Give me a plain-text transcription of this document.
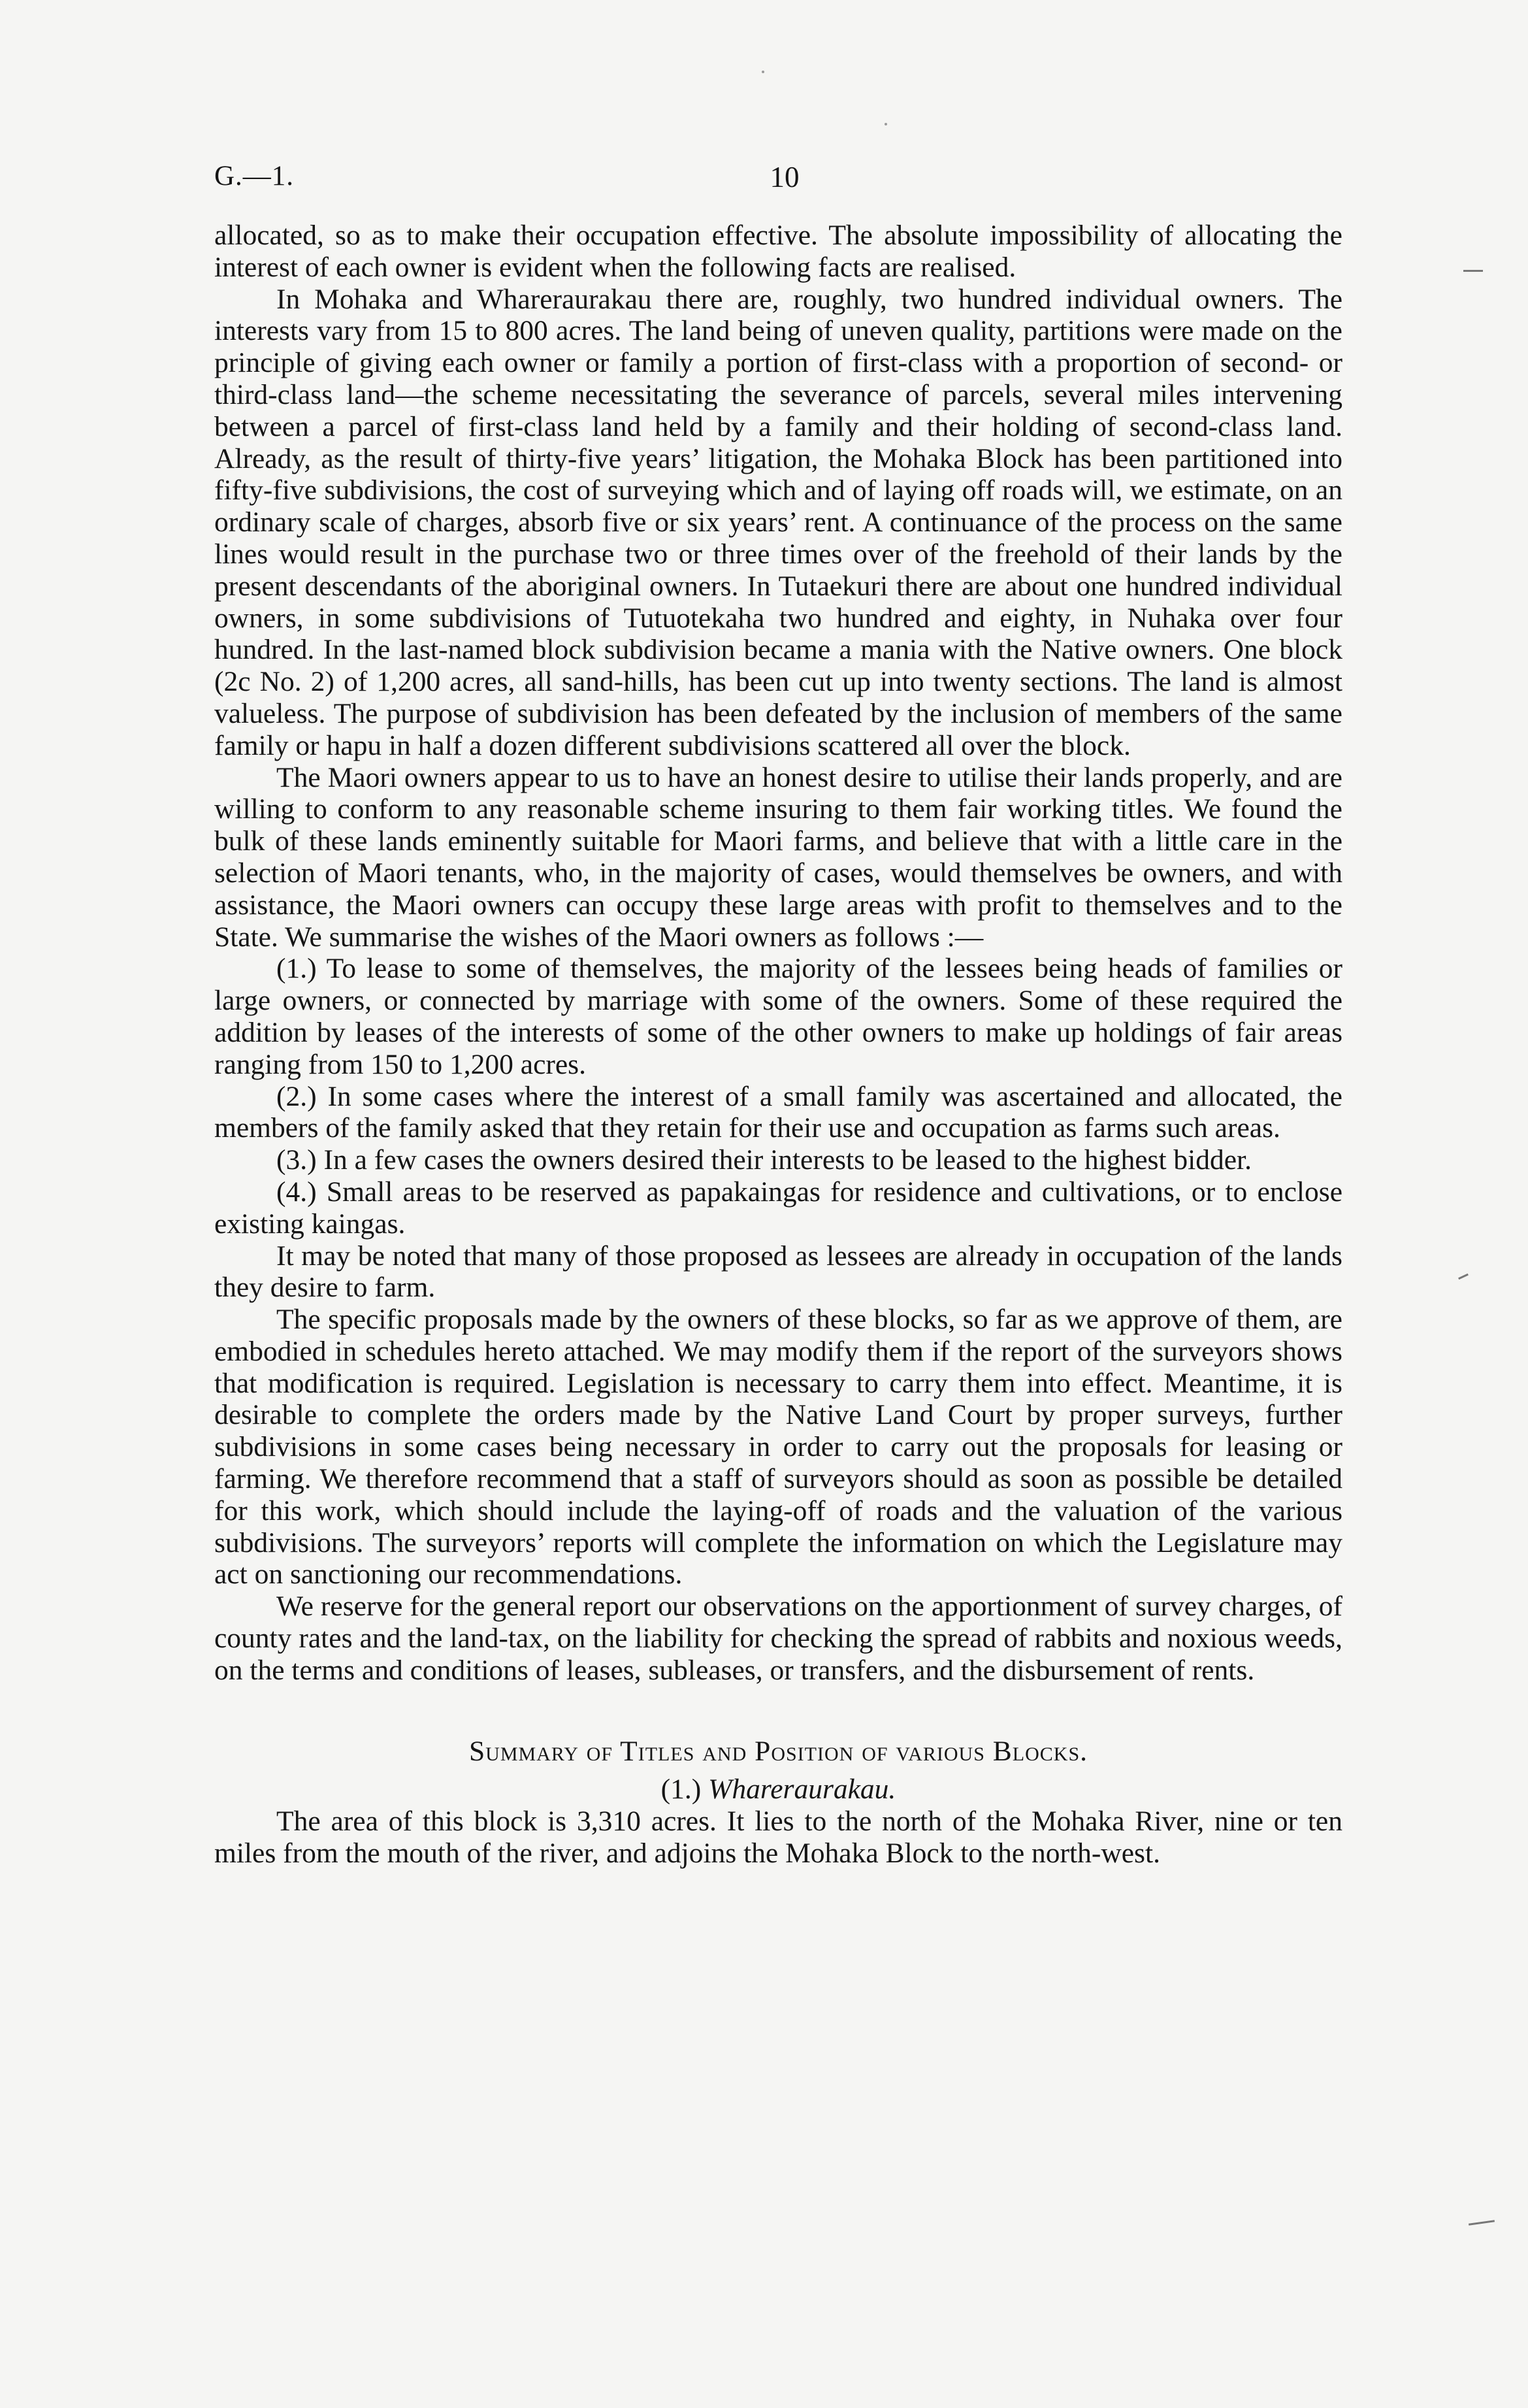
G.—1.	10

allocated, so as to make their occupation effective. The absolute impossibility of allocating the interest of each owner is evident when the following facts are realised.

In Mohaka and Whareraurakau there are, roughly, two hundred individual owners. The interests vary from 15 to 800 acres. The land being of uneven quality, partitions were made on the principle of giving each owner or family a portion of first-class with a proportion of second- or third-class land—the scheme necessitating the severance of parcels, several miles intervening between a parcel of first-class land held by a family and their holding of second-class land. Already, as the result of thirty-five years’ litigation, the Mohaka Block has been partitioned into fifty-five subdivisions, the cost of surveying which and of laying off roads will, we estimate, on an ordinary scale of charges, absorb five or six years’ rent. A continuance of the process on the same lines would result in the purchase two or three times over of the freehold of their lands by the present descendants of the aboriginal owners. In Tutaekuri there are about one hundred individual owners, in some subdivisions of Tutuotekaha two hundred and eighty, in Nuhaka over four hundred. In the last-named block subdivision became a mania with the Native owners. One block (2c No. 2) of 1,200 acres, all sand-hills, has been cut up into twenty sections. The land is almost valueless. The purpose of subdivision has been defeated by the inclusion of members of the same family or hapu in half a dozen different subdivisions scattered all over the block.

The Maori owners appear to us to have an honest desire to utilise their lands properly, and are willing to conform to any reasonable scheme insuring to them fair working titles. We found the bulk of these lands eminently suitable for Maori farms, and believe that with a little care in the selection of Maori tenants, who, in the majority of cases, would themselves be owners, and with assistance, the Maori owners can occupy these large areas with profit to themselves and to the State. We summarise the wishes of the Maori owners as follows :—

(1.) To lease to some of themselves, the majority of the lessees being heads of families or large owners, or connected by marriage with some of the owners. Some of these required the addition by leases of the interests of some of the other owners to make up holdings of fair areas ranging from 150 to 1,200 acres.

(2.) In some cases where the interest of a small family was ascertained and allocated, the members of the family asked that they retain for their use and occupation as farms such areas.

(3.) In a few cases the owners desired their interests to be leased to the highest bidder.

(4.) Small areas to be reserved as papakaingas for residence and cultivations, or to enclose existing kaingas.

It may be noted that many of those proposed as lessees are already in occupation of the lands they desire to farm.

The specific proposals made by the owners of these blocks, so far as we approve of them, are embodied in schedules hereto attached. We may modify them if the report of the surveyors shows that modification is required. Legislation is necessary to carry them into effect. Meantime, it is desirable to complete the orders made by the Native Land Court by proper surveys, further subdivisions in some cases being necessary in order to carry out the proposals for leasing or farming. We therefore recommend that a staff of surveyors should as soon as possible be detailed for this work, which should include the laying-off of roads and the valuation of the various subdivisions. The surveyors’ reports will complete the information on which the Legislature may act on sanctioning our recommendations.

We reserve for the general report our observations on the apportionment of survey charges, of county rates and the land-tax, on the liability for checking the spread of rabbits and noxious weeds, on the terms and conditions of leases, subleases, or transfers, and the disbursement of rents.

Summary of Titles and Position of various Blocks.

(1.) Whareraurakau.

The area of this block is 3,310 acres. It lies to the north of the Mohaka River, nine or ten miles from the mouth of the river, and adjoins the Mohaka Block to the north-west.
